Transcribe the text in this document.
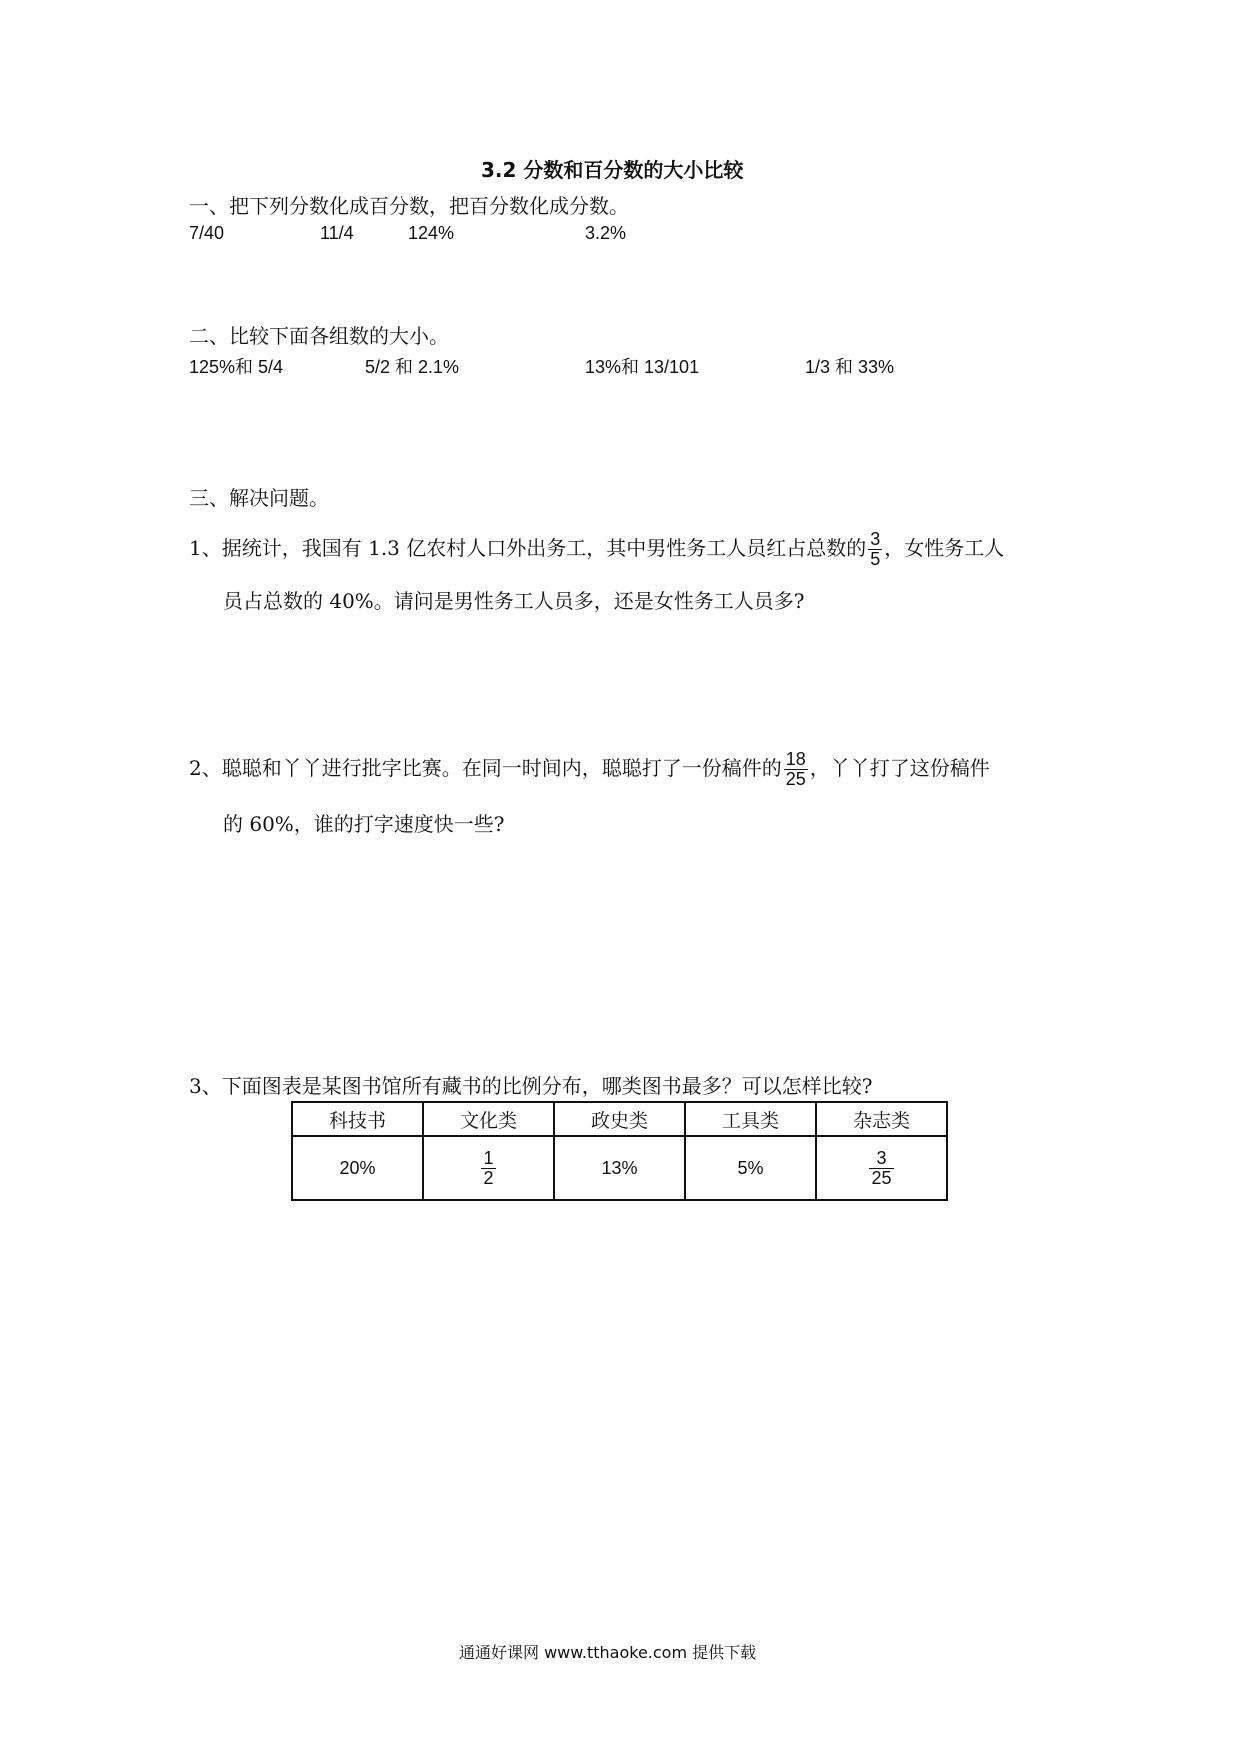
3.2 分数和百分数的大小比较
一、把下列分数化成百分数，把百分数化成分数。
7/40	11/4	124%	3.2%
二、比较下面各组数的大小。
125%和 5/4	5/2 和 2.1%	13%和 13/101	1/3 和 33%
三、解决问题。
1、据统计，我国有 1.3 亿农村人口外出务工，其中男性务工人员红占总数的 $\frac{3}{5}$ ，女性务工人
员占总数的 40%。请问是男性务工人员多，还是女性务工人员多?
2、聪聪和丫丫进行批字比赛。在同一时间内，聪聪打了一份稿件的 $\frac{18}{25}$ ，丫丫打了这份稿件
的 60%，谁的打字速度快一些?
3、下面图表是某图书馆所有藏书的比例分布，哪类图书最多？可以怎样比较?
科技书	文化类	政史类	工具类	杂志类
20%	$\frac{1}{2}$	13%	5%	$\frac{3}{25}$
通通好课网 www.tthaoke.com 提供下载
